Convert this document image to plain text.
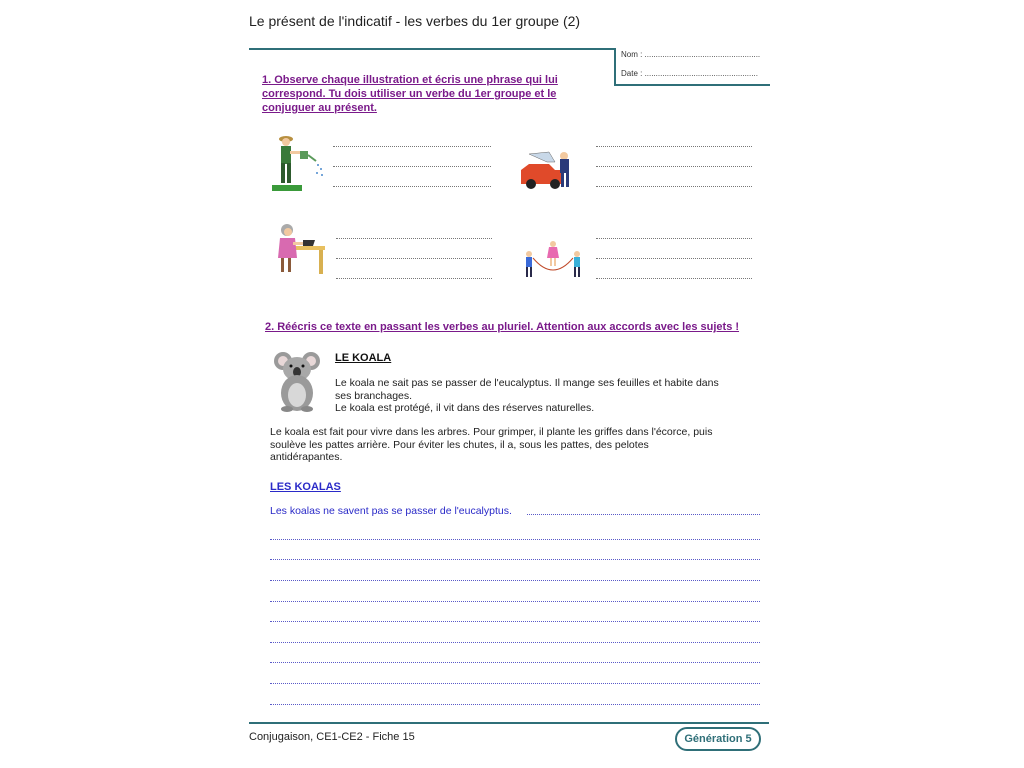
Le présent de l'indicatif - les verbes du 1er groupe (2)
Nom : ....................................................
Date : ...................................................
1. Observe chaque illustration et écris une phrase qui lui
correspond. Tu dois utiliser un verbe du 1er groupe et le
conjuguer au présent.
2. Réécris ce texte en passant les verbes au pluriel. Attention aux accords avec les sujets !
LE KOALA
Le koala ne sait pas se passer de l'eucalyptus. Il mange ses feuilles et habite dans
ses branchages.
Le koala est protégé, il vit dans des réserves naturelles.
Le koala est fait pour vivre dans les arbres. Pour grimper, il plante les griffes dans l'écorce, puis
soulève les pattes arrière. Pour éviter les chutes, il a, sous les pattes, des pelotes
antidérapantes.
LES KOALAS
Les koalas ne savent pas se passer de l'eucalyptus.
Conjugaison, CE1-CE2 - Fiche 15	Génération 5
